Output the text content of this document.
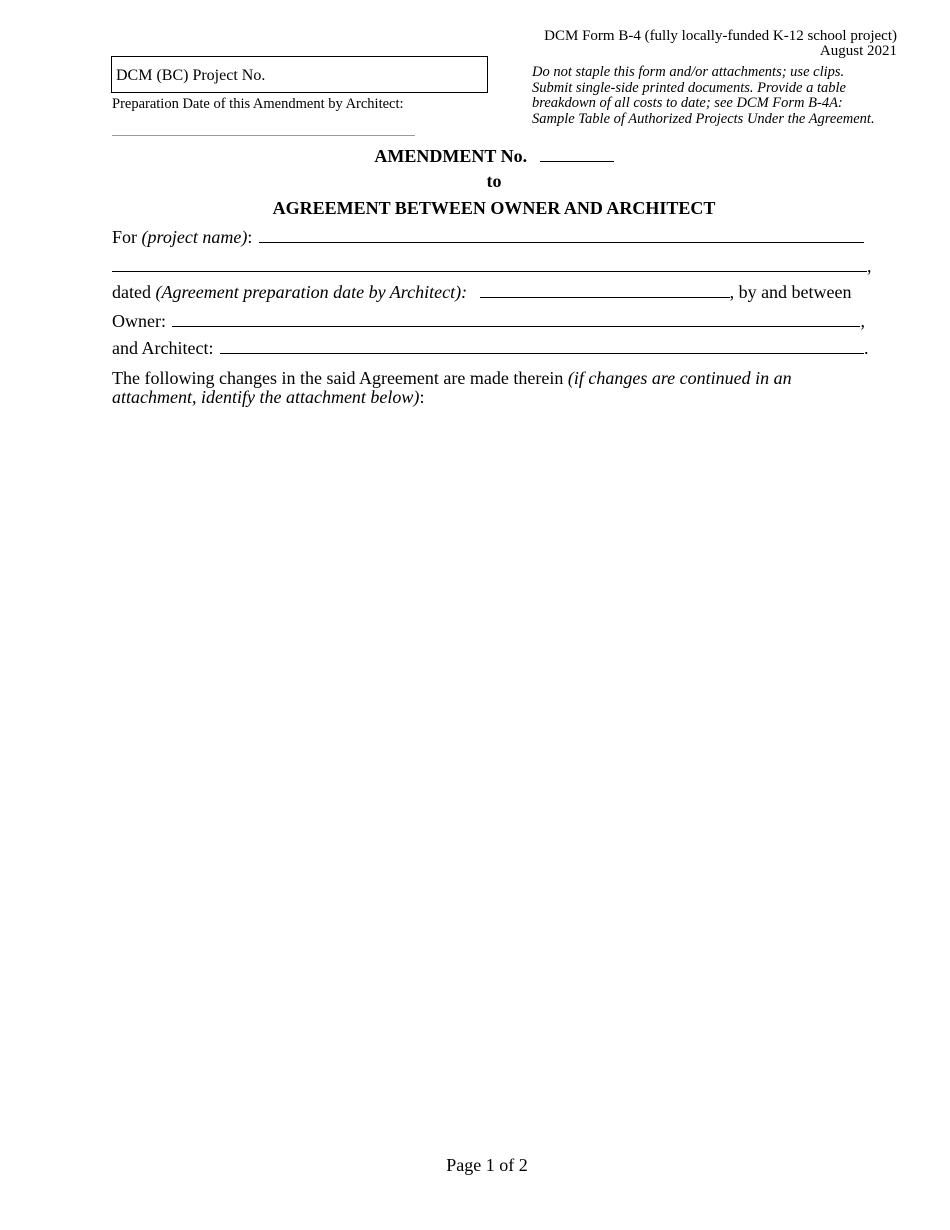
DCM Form B-4 (fully locally-funded K-12 school project)
August 2021
DCM (BC) Project No.
Preparation Date of this Amendment by Architect:
Do not staple this form and/or attachments; use clips.
Submit single-side printed documents. Provide a table
breakdown of all costs to date; see DCM Form B-4A:
Sample Table of Authorized Projects Under the Agreement.
AMENDMENT No.
to
AGREEMENT BETWEEN OWNER AND ARCHITECT
For (project name):
,
dated (Agreement preparation date by Architect):	, by and between
Owner:	,
and Architect:	.
The following changes in the said Agreement are made therein (if changes are continued in an attachment, identify the attachment below):
Page 1 of 2
